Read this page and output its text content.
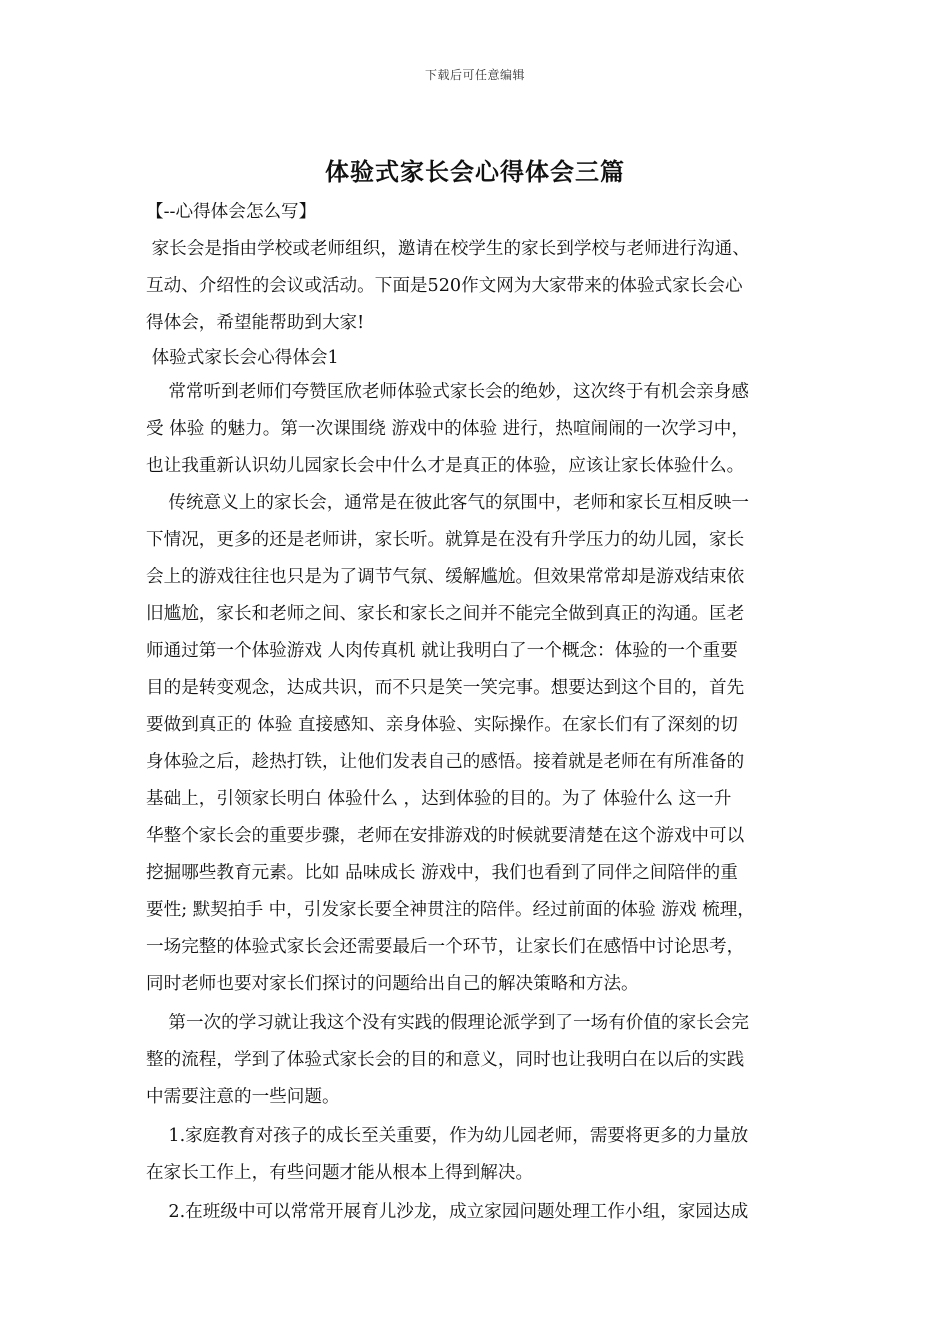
下载后可任意编辑
体验式家长会心得体会三篇
【--心得体会怎么写】
家长会是指由学校或老师组织，邀请在校学生的家长到学校与老师进行沟通、
互动、介绍性的会议或活动。下面是520作文网为大家带来的体验式家长会心
得体会，希望能帮助到大家!
体验式家长会心得体会1
常常听到老师们夸赞匡欣老师体验式家长会的绝妙，这次终于有机会亲身感
受 体验 的魅力。第一次课围绕 游戏中的体验 进行，热喧闹闹的一次学习中，
也让我重新认识幼儿园家长会中什么才是真正的体验，应该让家长体验什么。
传统意义上的家长会，通常是在彼此客气的氛围中，老师和家长互相反映一
下情况，更多的还是老师讲，家长听。就算是在没有升学压力的幼儿园，家长
会上的游戏往往也只是为了调节气氛、缓解尴尬。但效果常常却是游戏结束依
旧尴尬，家长和老师之间、家长和家长之间并不能完全做到真正的沟通。匡老
师通过第一个体验游戏 人肉传真机 就让我明白了一个概念：体验的一个重要
目的是转变观念，达成共识，而不只是笑一笑完事。想要达到这个目的，首先
要做到真正的 体验 直接感知、亲身体验、实际操作。在家长们有了深刻的切
身体验之后，趁热打铁，让他们发表自己的感悟。接着就是老师在有所准备的
基础上，引领家长明白 体验什么 ，达到体验的目的。为了 体验什么 这一升
华整个家长会的重要步骤，老师在安排游戏的时候就要清楚在这个游戏中可以
挖掘哪些教育元素。比如 品味成长 游戏中，我们也看到了同伴之间陪伴的重
要性; 默契拍手 中，引发家长要全神贯注的陪伴。经过前面的体验 游戏 梳理，
一场完整的体验式家长会还需要最后一个环节，让家长们在感悟中讨论思考，
同时老师也要对家长们探讨的问题给出自己的解决策略和方法。
第一次的学习就让我这个没有实践的假理论派学到了一场有价值的家长会完
整的流程，学到了体验式家长会的目的和意义，同时也让我明白在以后的实践
中需要注意的一些问题。
1.家庭教育对孩子的成长至关重要，作为幼儿园老师，需要将更多的力量放
在家长工作上，有些问题才能从根本上得到解决。
2.在班级中可以常常开展育儿沙龙，成立家园问题处理工作小组，家园达成
